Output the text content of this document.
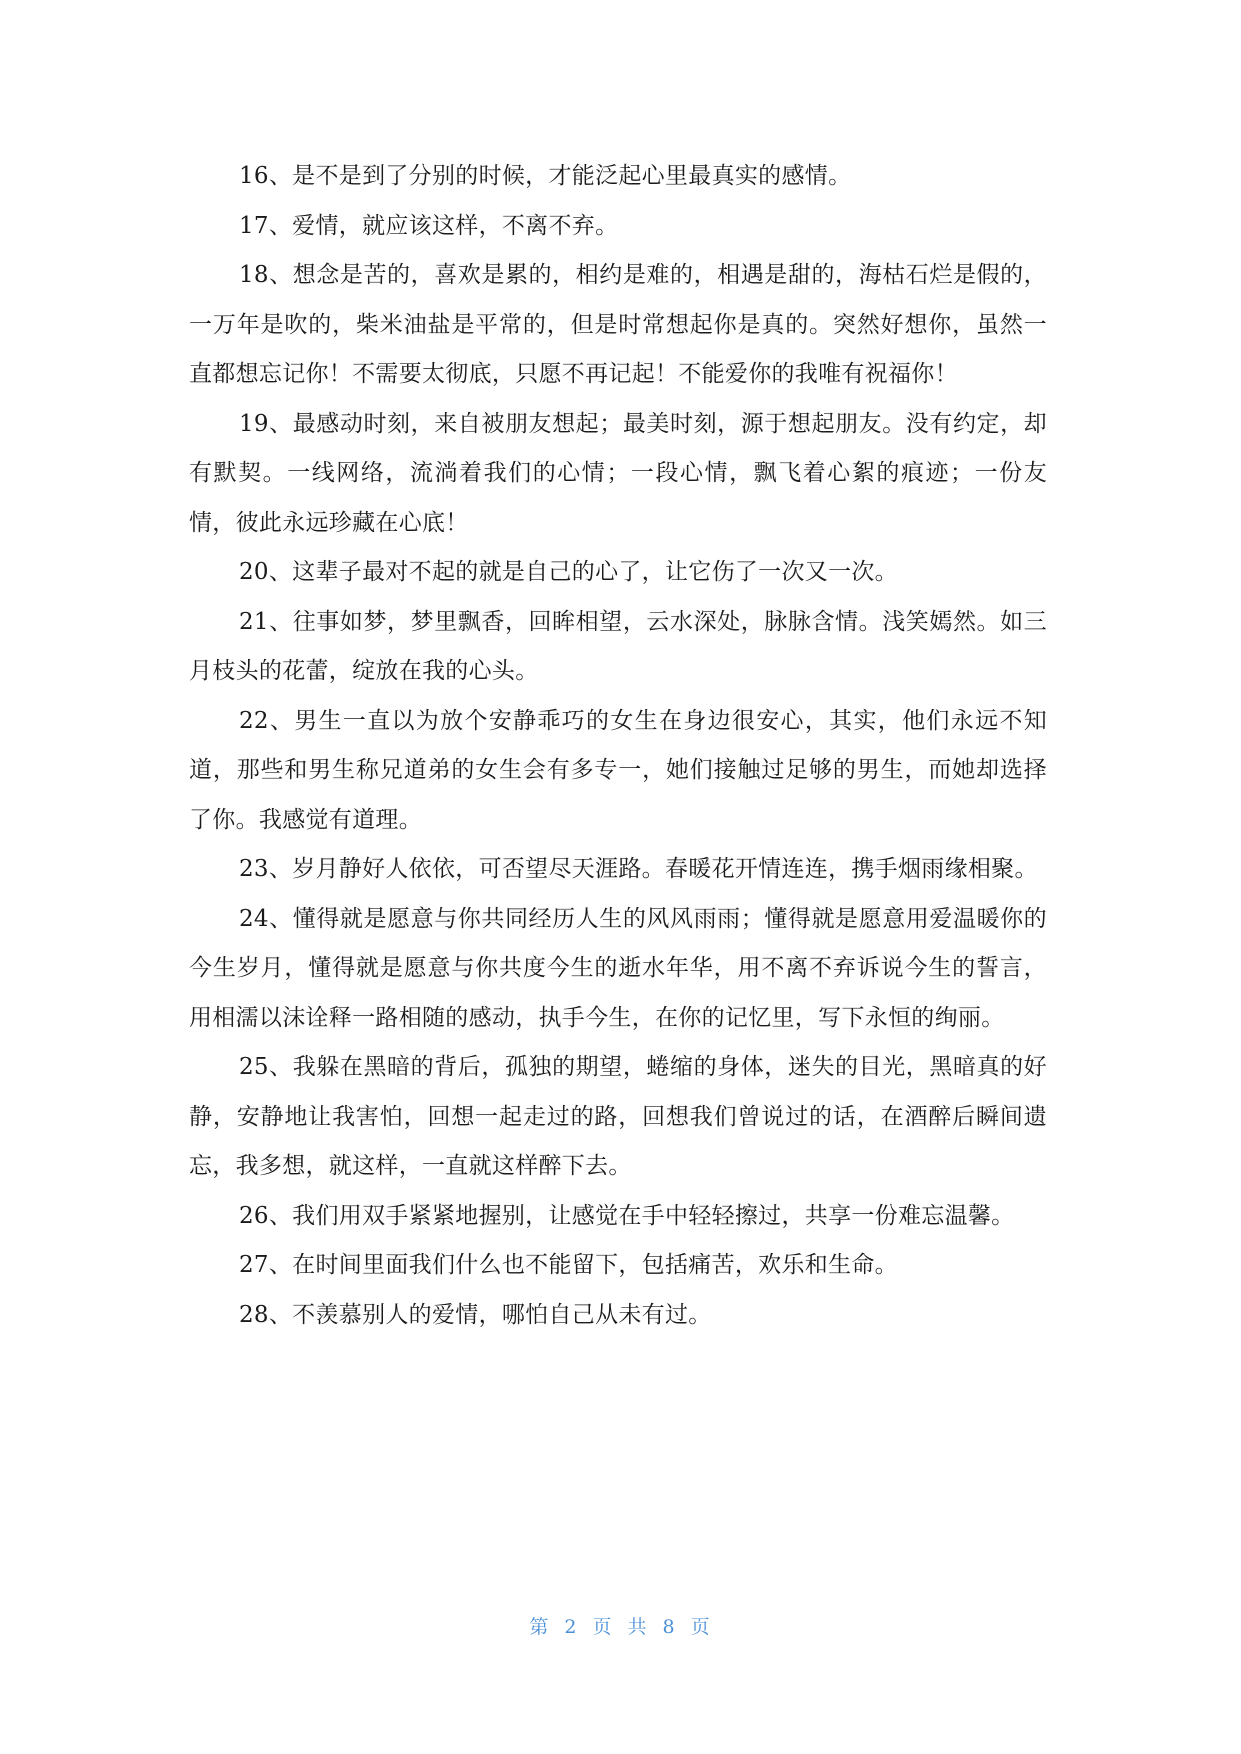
16、是不是到了分别的时候，才能泛起心里最真实的感情。

17、爱情，就应该这样，不离不弃。

18、想念是苦的，喜欢是累的，相约是难的，相遇是甜的，海枯石烂是假的，一万年是吹的，柴米油盐是平常的，但是时常想起你是真的。突然好想你，虽然一直都想忘记你！不需要太彻底，只愿不再记起！不能爱你的我唯有祝福你！

19、最感动时刻，来自被朋友想起；最美时刻，源于想起朋友。没有约定，却有默契。一线网络，流淌着我们的心情；一段心情，飘飞着心絮的痕迹；一份友情，彼此永远珍藏在心底！

20、这辈子最对不起的就是自己的心了，让它伤了一次又一次。

21、往事如梦，梦里飘香，回眸相望，云水深处，脉脉含情。浅笑嫣然。如三月枝头的花蕾，绽放在我的心头。

22、男生一直以为放个安静乖巧的女生在身边很安心，其实，他们永远不知道，那些和男生称兄道弟的女生会有多专一，她们接触过足够的男生，而她却选择了你。我感觉有道理。

23、岁月静好人依依，可否望尽天涯路。春暖花开情连连，携手烟雨缘相聚。

24、懂得就是愿意与你共同经历人生的风风雨雨；懂得就是愿意用爱温暖你的今生岁月，懂得就是愿意与你共度今生的逝水年华，用不离不弃诉说今生的誓言，用相濡以沫诠释一路相随的感动，执手今生，在你的记忆里，写下永恒的绚丽。

25、我躲在黑暗的背后，孤独的期望，蜷缩的身体，迷失的目光，黑暗真的好静，安静地让我害怕，回想一起走过的路，回想我们曾说过的话，在酒醉后瞬间遗忘，我多想，就这样，一直就这样醉下去。

26、我们用双手紧紧地握别，让感觉在手中轻轻擦过，共享一份难忘温馨。

27、在时间里面我们什么也不能留下，包括痛苦，欢乐和生命。

28、不羡慕别人的爱情，哪怕自己从未有过。

第 2 页 共 8 页
